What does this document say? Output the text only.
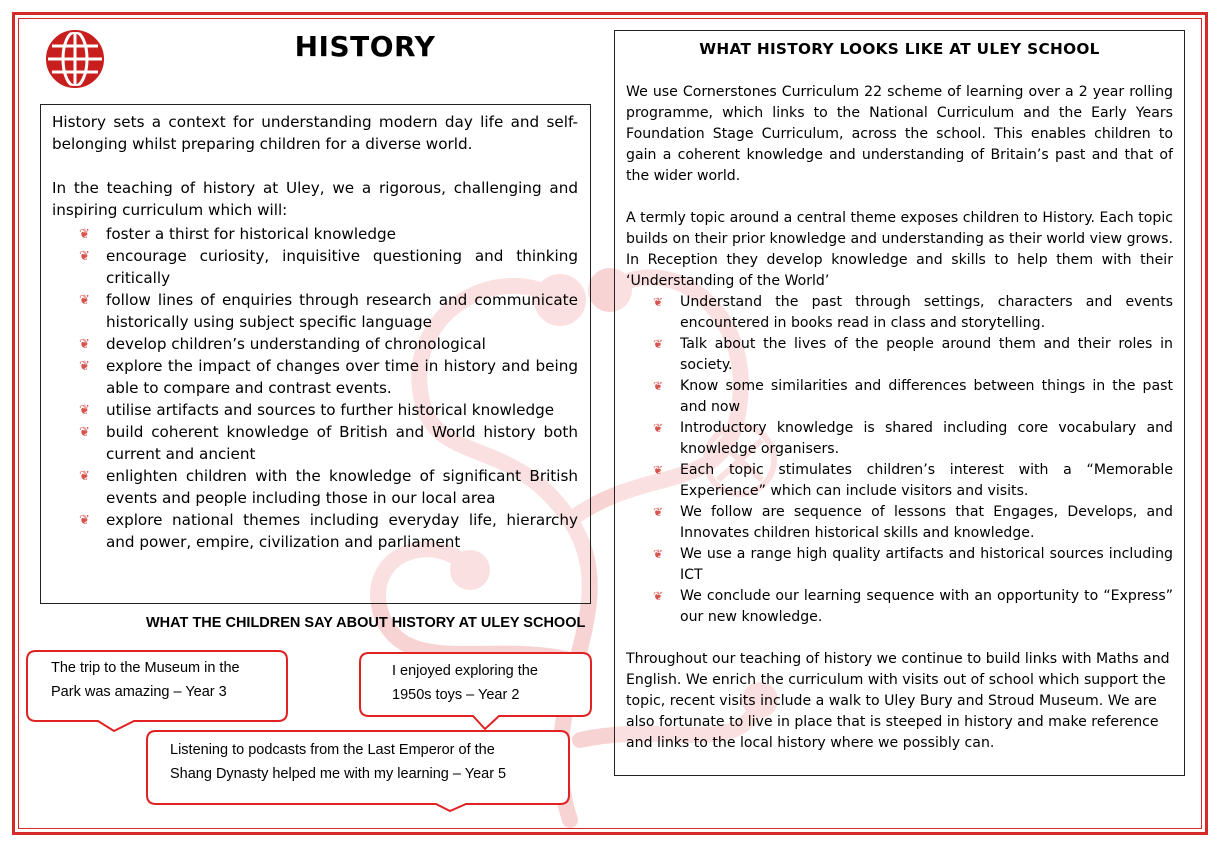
HISTORY

History sets a context for understanding modern day life and self-belonging whilst preparing children for a diverse world.

In the teaching of history at Uley, we a rigorous, challenging and inspiring curriculum which will:

❦ foster a thirst for historical knowledge
❦ encourage curiosity, inquisitive questioning and thinking critically
❦ follow lines of enquiries through research and communicate historically using subject specific language
❦ develop children’s understanding of chronological
❦ explore the impact of changes over time in history and being able to compare and contrast events.
❦ utilise artifacts and sources to further historical knowledge
❦ build coherent knowledge of British and World history both current and ancient
❦ enlighten children with the knowledge of significant British events and people including those in our local area
❦ explore national themes including everyday life, hierarchy and power, empire, civilization and parliament
WHAT THE CHILDREN SAY ABOUT HISTORY AT ULEY SCHOOL
The trip to the Museum in the
Park was amazing – Year 3
I enjoyed exploring the
1950s toys – Year 2
Listening to podcasts from the Last Emperor of the
Shang Dynasty helped me with my learning – Year 5
WHAT HISTORY LOOKS LIKE AT ULEY SCHOOL

We use Cornerstones Curriculum 22 scheme of learning over a 2 year rolling programme, which links to the National Curriculum and the Early Years Foundation Stage Curriculum, across the school. This enables children to gain a coherent knowledge and understanding of Britain’s past and that of the wider world.

A termly topic around a central theme exposes children to History. Each topic builds on their prior knowledge and understanding as their world view grows. In Reception they develop knowledge and skills to help them with their ‘Understanding of the World’

❦ Understand the past through settings, characters and events encountered in books read in class and storytelling.
❦ Talk about the lives of the people around them and their roles in society.
❦ Know some similarities and differences between things in the past and now
❦ Introductory knowledge is shared including core vocabulary and knowledge organisers.
❦ Each topic stimulates children’s interest with a “Memorable Experience” which can include visitors and visits.
❦ We follow are sequence of lessons that Engages, Develops, and Innovates children historical skills and knowledge.
❦ We use a range high quality artifacts and historical sources including ICT
❦ We conclude our learning sequence with an opportunity to “Express” our new knowledge.

Throughout our teaching of history we continue to build links with Maths and English. We enrich the curriculum with visits out of school which support the topic, recent visits include a walk to Uley Bury and Stroud Museum. We are also fortunate to live in place that is steeped in history and make reference and links to the local history where we possibly can.
